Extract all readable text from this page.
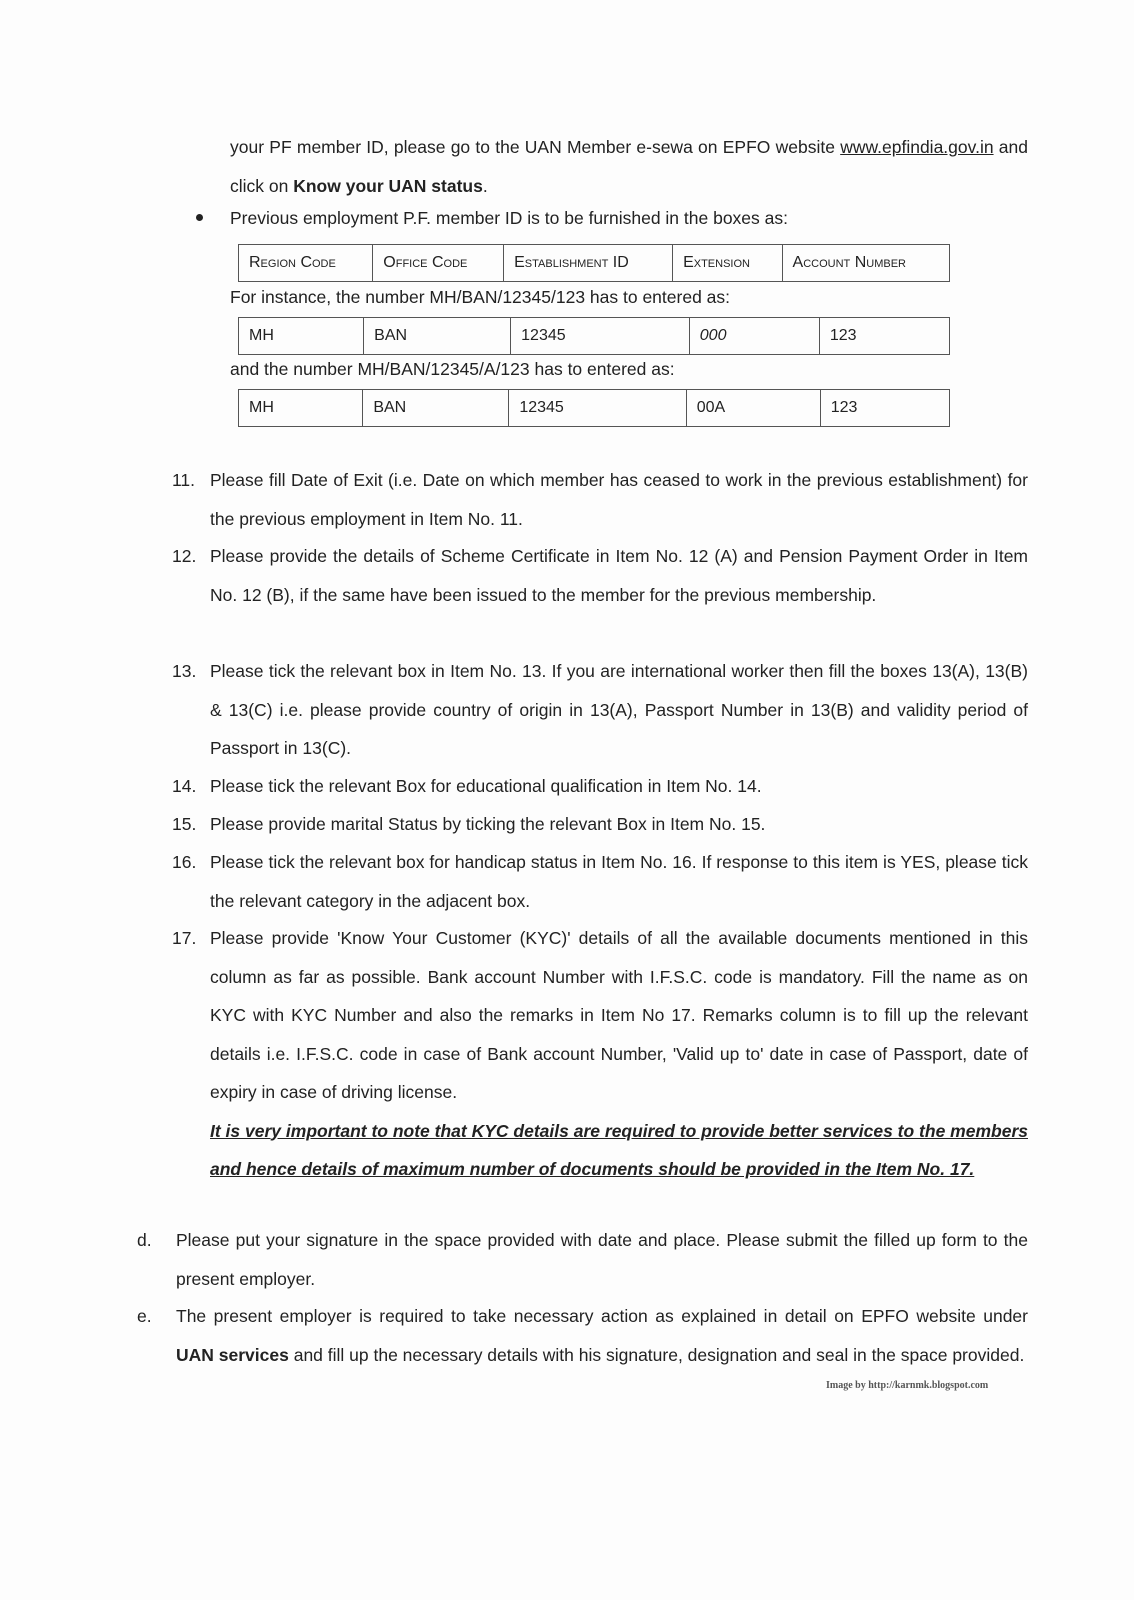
your PF member ID, please go to the UAN Member e-sewa on EPFO website www.epfindia.gov.in and click on Know your UAN status.
Previous employment P.F. member ID is to be furnished in the boxes as:
Region Code	Office Code	Establishment ID	Extension	Account Number
For instance, the number MH/BAN/12345/123 has to entered as:
MH	BAN	12345	000	123
and the number MH/BAN/12345/A/123 has to entered as:
MH	BAN	12345	00A	123
11. Please fill Date of Exit (i.e. Date on which member has ceased to work in the previous establishment) for the previous employment in Item No. 11.
12. Please provide the details of Scheme Certificate in Item No. 12 (A) and Pension Payment Order in Item No. 12 (B), if the same have been issued to the member for the previous membership.
13. Please tick the relevant box in Item No. 13. If you are international worker then fill the boxes 13(A), 13(B) & 13(C) i.e. please provide country of origin in 13(A), Passport Number in 13(B) and validity period of Passport in 13(C).
14. Please tick the relevant Box for educational qualification in Item No. 14.
15. Please provide marital Status by ticking the relevant Box in Item No. 15.
16. Please tick the relevant box for handicap status in Item No. 16. If response to this item is YES, please tick the relevant category in the adjacent box.
17. Please provide 'Know Your Customer (KYC)' details of all the available documents mentioned in this column as far as possible. Bank account Number with I.F.S.C. code is mandatory. Fill the name as on KYC with KYC Number and also the remarks in Item No 17. Remarks column is to fill up the relevant details i.e. I.F.S.C. code in case of Bank account Number, 'Valid up to' date in case of Passport, date of expiry in case of driving license.
It is very important to note that KYC details are required to provide better services to the members and hence details of maximum number of documents should be provided in the Item No. 17.
d. Please put your signature in the space provided with date and place. Please submit the filled up form to the present employer.
e. The present employer is required to take necessary action as explained in detail on EPFO website under UAN services and fill up the necessary details with his signature, designation and seal in the space provided.
Image by http://karnmk.blogspot.com
